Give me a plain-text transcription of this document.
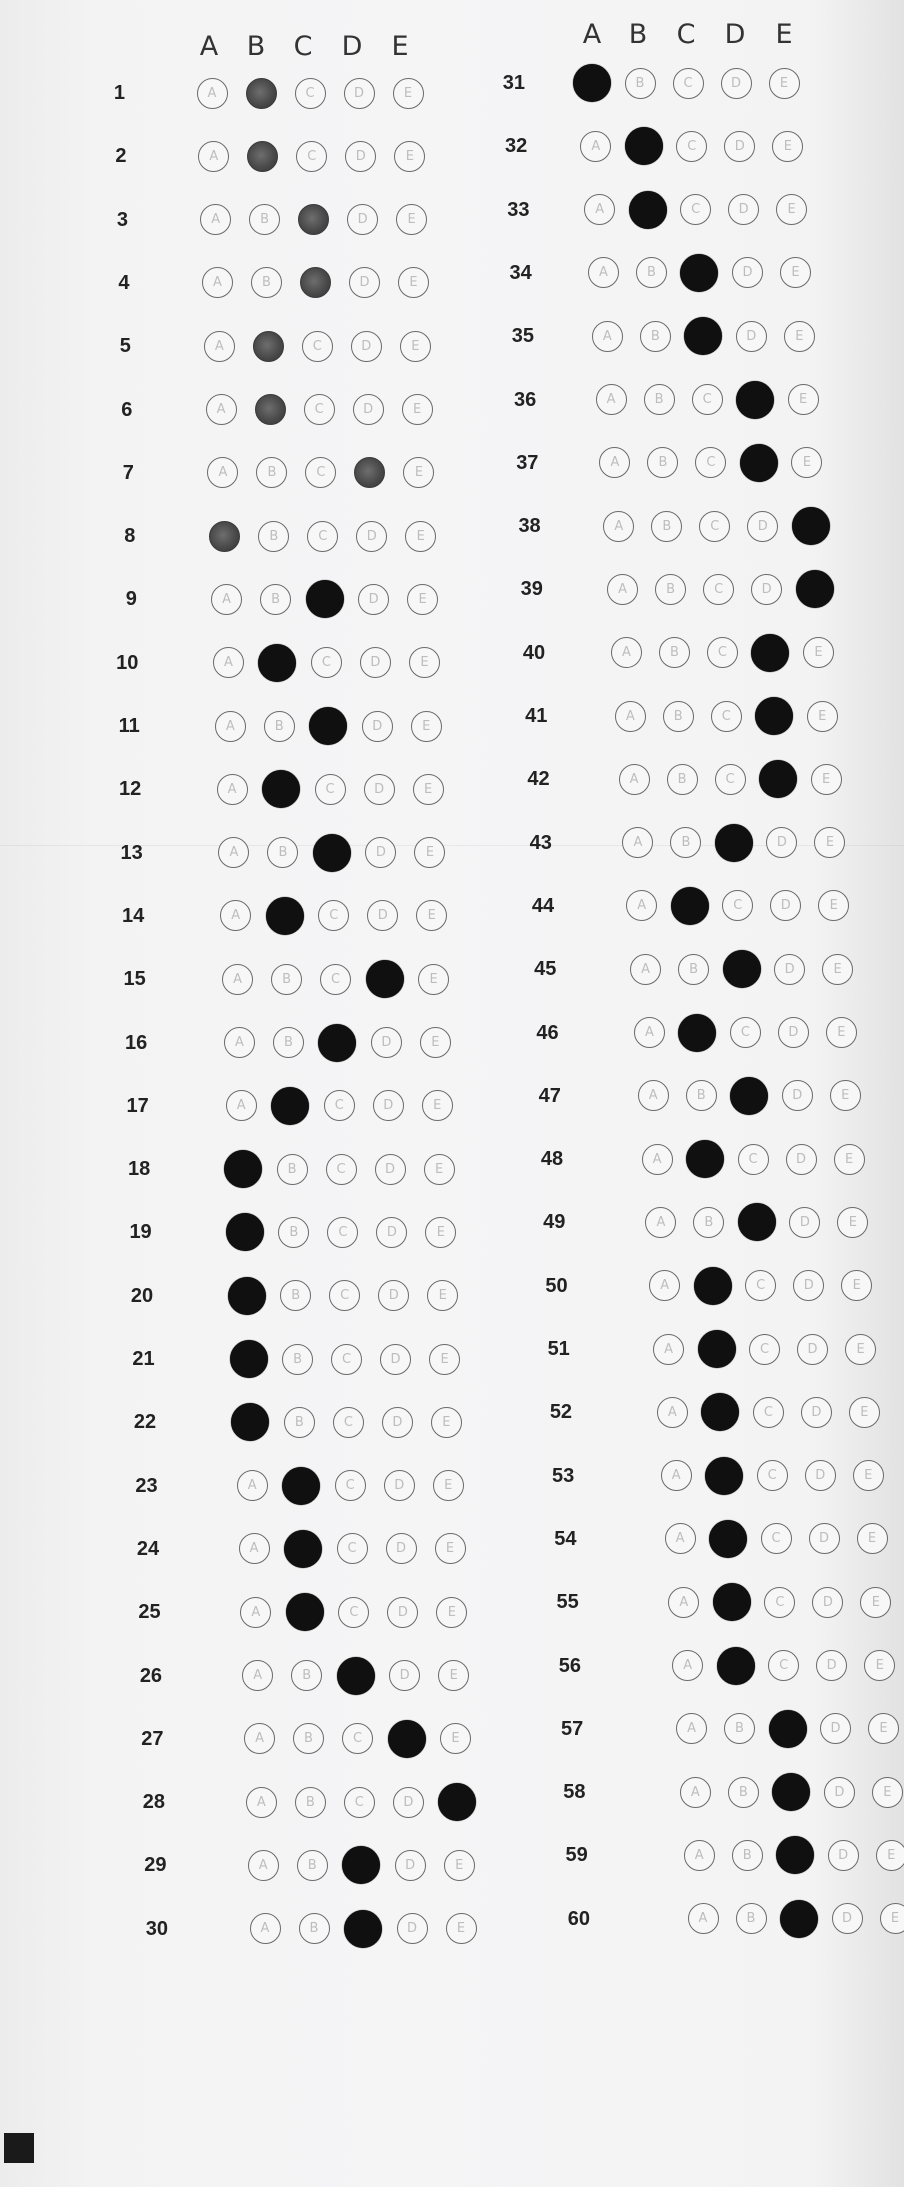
A B C D E
1	A	C	D	E
2	A	C	D	E
3	A	B	D	E
4	A	B	D	E
5	A	C	D	E
6	A	C	D	E
7	A	B	C	E
8	B	C	D	E
9	A	B	D	E
10	A	C	D	E
11	A	B	D	E
12	A	C	D	E
13	A	B	D	E
14	A	C	D	E
15	A	B	C	E
16	A	B	D	E
17	A	C	D	E
18	B	C	D	E
19	B	C	D	E
20	B	C	D	E
21	B	C	D	E
22	B	C	D	E
23	A	C	D	E
24	A	C	D	E
25	A	C	D	E
26	A	B	D	E
27	A	B	C	E
28	A	B	C	D
29	A	B	D	E
30	A	B	D	E
A B C D E
31	B	C	D	E
32	A	C	D	E
33	A	C	D	E
34	A	B	D	E
35	A	B	D	E
36	A	B	C	E
37	A	B	C	E
38	A	B	C	D
39	A	B	C	D
40	A	B	C	E
41	A	B	C	E
42	A	B	C	E
43	A	B	D	E
44	A	C	D	E
45	A	B	D	E
46	A	C	D	E
47	A	B	D	E
48	A	C	D	E
49	A	B	D	E
50	A	C	D	E
51	A	C	D	E
52	A	C	D	E
53	A	C	D	E
54	A	C	D	E
55	A	C	D	E
56	A	C	D	E
57	A	B	D	E
58	A	B	D	E
59	A	B	D	E
60	A	B	D	E
